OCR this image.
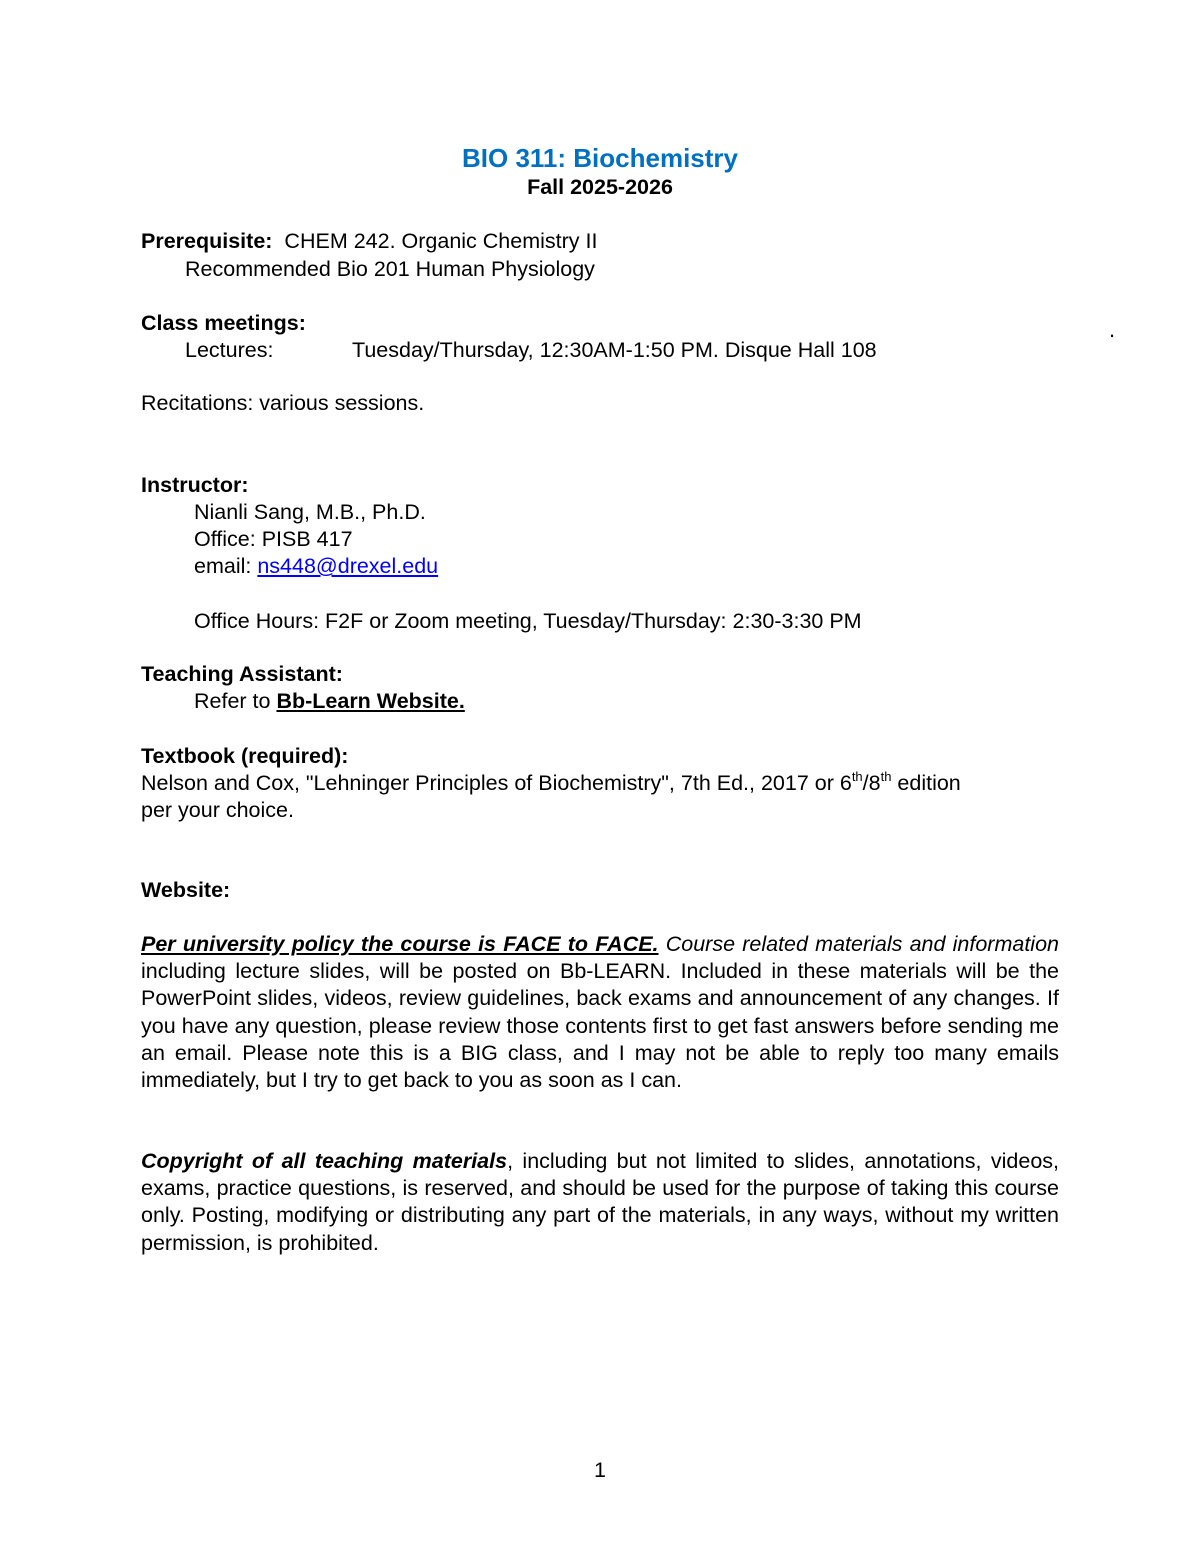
BIO 311: Biochemistry
Fall 2025-2026
Prerequisite: CHEM 242. Organic Chemistry II
Recommended Bio 201 Human Physiology
Class meetings:	.
Lectures:	Tuesday/Thursday, 12:30AM-1:50 PM. Disque Hall 108
Recitations: various sessions.
Instructor:
Nianli Sang, M.B., Ph.D.
Office: PISB 417
email: ns448@drexel.edu
Office Hours: F2F or Zoom meeting, Tuesday/Thursday: 2:30-3:30 PM
Teaching Assistant:
Refer to Bb-Learn Website.
Textbook (required):
Nelson and Cox, "Lehninger Principles of Biochemistry", 7th Ed., 2017 or 6th/8th edition
per your choice.
Website:
Per university policy the course is FACE to FACE. Course related materials and information including lecture slides, will be posted on Bb-LEARN. Included in these materials will be the PowerPoint slides, videos, review guidelines, back exams and announcement of any changes. If you have any question, please review those contents first to get fast answers before sending me an email. Please note this is a BIG class, and I may not be able to reply too many emails immediately, but I try to get back to you as soon as I can.
Copyright of all teaching materials, including but not limited to slides, annotations, videos, exams, practice questions, is reserved, and should be used for the purpose of taking this course only. Posting, modifying or distributing any part of the materials, in any ways, without my written permission, is prohibited.
1
